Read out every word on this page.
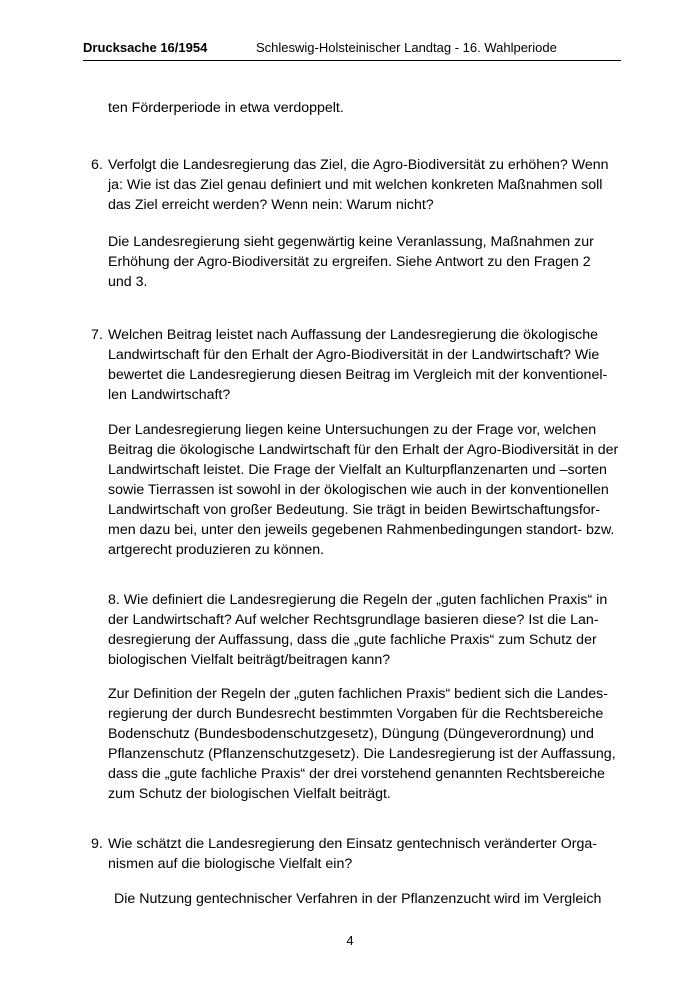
Drucksache 16/1954	Schleswig-Holsteinischer Landtag - 16. Wahlperiode

ten Förderperiode in etwa verdoppelt.

6. Verfolgt die Landesregierung das Ziel, die Agro-Biodiversität zu erhöhen? Wenn ja: Wie ist das Ziel genau definiert und mit welchen konkreten Maßnahmen soll das Ziel erreicht werden? Wenn nein: Warum nicht?

Die Landesregierung sieht gegenwärtig keine Veranlassung, Maßnahmen zur Erhöhung der Agro-Biodiversität zu ergreifen. Siehe Antwort zu den Fragen 2 und 3.

7. Welchen Beitrag leistet nach Auffassung der Landesregierung die ökologische Landwirtschaft für den Erhalt der Agro-Biodiversität in der Landwirtschaft? Wie bewertet die Landesregierung diesen Beitrag im Vergleich mit der konventionel-len Landwirtschaft?

Der Landesregierung liegen keine Untersuchungen zu der Frage vor, welchen Beitrag die ökologische Landwirtschaft für den Erhalt der Agro-Biodiversität in der Landwirtschaft leistet. Die Frage der Vielfalt an Kulturpflanzenarten und –sorten sowie Tierrassen ist sowohl in der ökologischen wie auch in der konventionellen Landwirtschaft von großer Bedeutung. Sie trägt in beiden Bewirtschaftungsfor-men dazu bei, unter den jeweils gegebenen Rahmenbedingungen standort- bzw. artgerecht produzieren zu können.

8. Wie definiert die Landesregierung die Regeln der „guten fachlichen Praxis“ in der Landwirtschaft? Auf welcher Rechtsgrundlage basieren diese? Ist die Lan-desregierung der Auffassung, dass die „gute fachliche Praxis“ zum Schutz der biologischen Vielfalt beiträgt/beitragen kann?

Zur Definition der Regeln der „guten fachlichen Praxis“ bedient sich die Landes-regierung der durch Bundesrecht bestimmten Vorgaben für die Rechtsbereiche Bodenschutz (Bundesbodenschutzgesetz), Düngung (Düngeverordnung) und Pflanzenschutz (Pflanzenschutzgesetz). Die Landesregierung ist der Auffassung, dass die „gute fachliche Praxis“ der drei vorstehend genannten Rechtsbereiche zum Schutz der biologischen Vielfalt beiträgt.

9. Wie schätzt die Landesregierung den Einsatz gentechnisch veränderter Orga-nismen auf die biologische Vielfalt ein?

Die Nutzung gentechnischer Verfahren in der Pflanzenzucht wird im Vergleich

4
